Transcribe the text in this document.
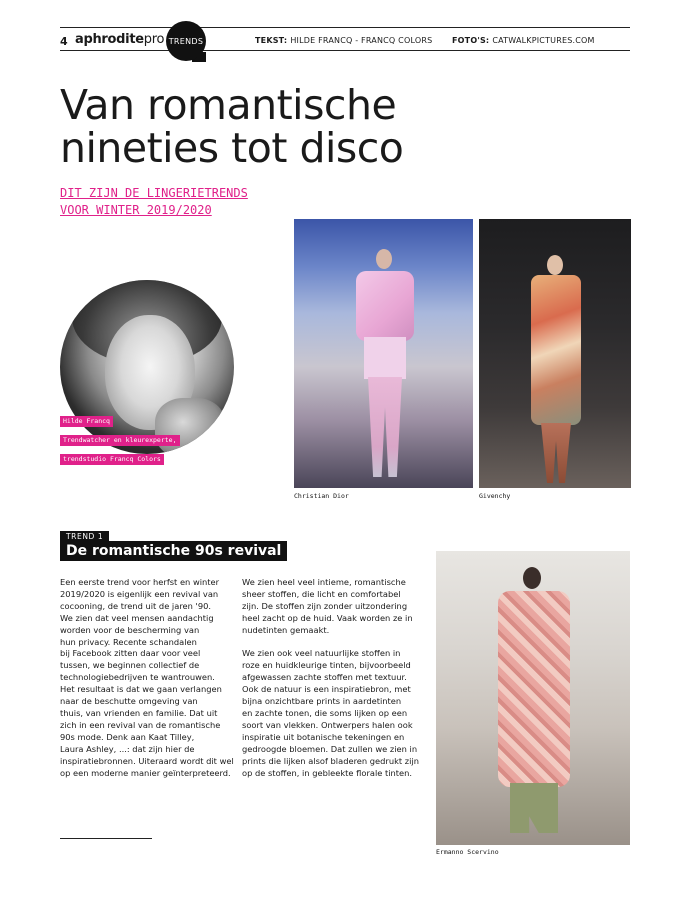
4 aphroditepro TRENDS	TEKST: HILDE FRANCQ - FRANCQ COLORS FOTO'S: CATWALKPICTURES.COM
Van romantische
nineties tot disco
DIT ZIJN DE LINGERIETRENDS
VOOR WINTER 2019/2020
Hilde Francq
Trendwatcher en kleurexperte,
trendstudio Francq Colors
Christian Dior	Givenchy
TREND 1
De romantische 90s revival
Een eerste trend voor herfst en winter
2019/2020 is eigenlijk een revival van
cocooning, de trend uit de jaren '90.
We zien dat veel mensen aandachtig
worden voor de bescherming van
hun privacy. Recente schandalen
bij Facebook zitten daar voor veel
tussen, we beginnen collectief de
technologiebedrijven te wantrouwen.
Het resultaat is dat we gaan verlangen
naar de beschutte omgeving van
thuis, van vrienden en familie. Dat uit
zich in een revival van de romantische
90s mode. Denk aan Kaat Tilley,
Laura Ashley, ...: dat zijn hier de
inspiratiebronnen. Uiteraard wordt dit wel
op een moderne manier geïnterpreteerd.
We zien heel veel intieme, romantische
sheer stoffen, die licht en comfortabel
zijn. De stoffen zijn zonder uitzondering
heel zacht op de huid. Vaak worden ze in
nudetinten gemaakt.

We zien ook veel natuurlijke stoffen in
roze en huidkleurige tinten, bijvoorbeeld
afgewassen zachte stoffen met textuur.
Ook de natuur is een inspiratiebron, met
bijna onzichtbare prints in aardetinten
en zachte tonen, die soms lijken op een
soort van vlekken. Ontwerpers halen ook
inspiratie uit botanische tekeningen en
gedroogde bloemen. Dat zullen we zien in
prints die lijken alsof bladeren gedrukt zijn
op de stoffen, in gebleekte florale tinten.
Ermanno Scervino
